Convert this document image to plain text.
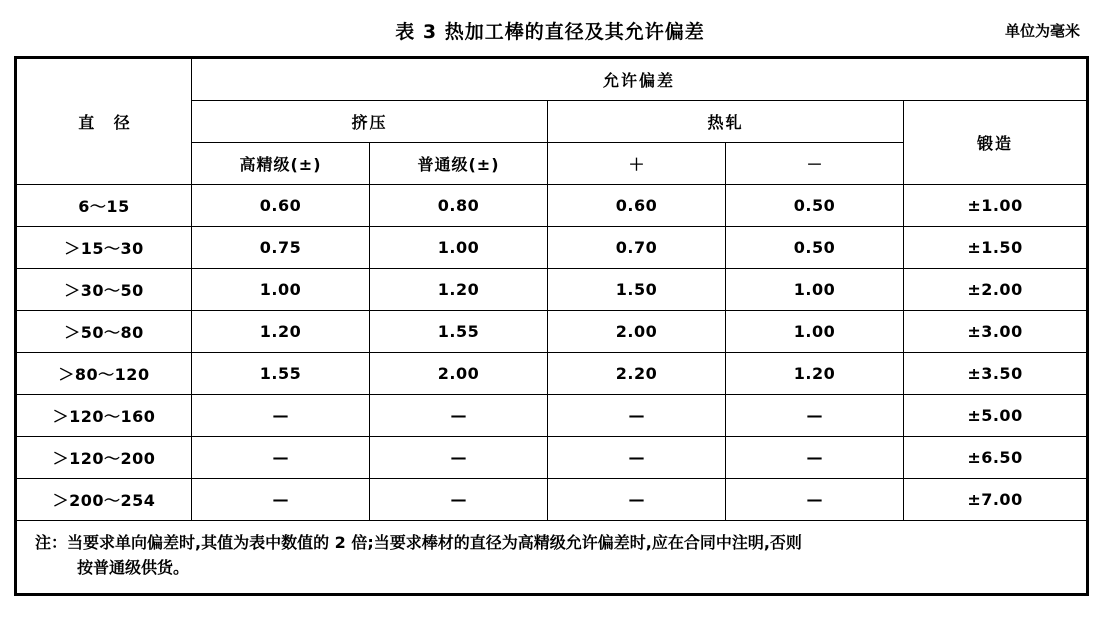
表 3 热加工棒的直径及其允许偏差	单位为毫米
直 径	允许偏差				
	挤压		热轧		锻造
	高精级(±)	普通级(±)	＋	－	
6～15	0.60	0.80	0.60	0.50	±1.00
＞15～30	0.75	1.00	0.70	0.50	±1.50
＞30～50	1.00	1.20	1.50	1.00	±2.00
＞50～80	1.20	1.55	2.00	1.00	±3.00
＞80～120	1.55	2.00	2.20	1.20	±3.50
＞120～160	—	—	—	—	±5.00
＞120～200	—	—	—	—	±6.50
＞200～254	—	—	—	—	±7.00

注：当要求单向偏差时,其值为表中数值的 2 倍;当要求棒材的直径为高精级允许偏差时,应在合同中注明,否则
按普通级供货。					
